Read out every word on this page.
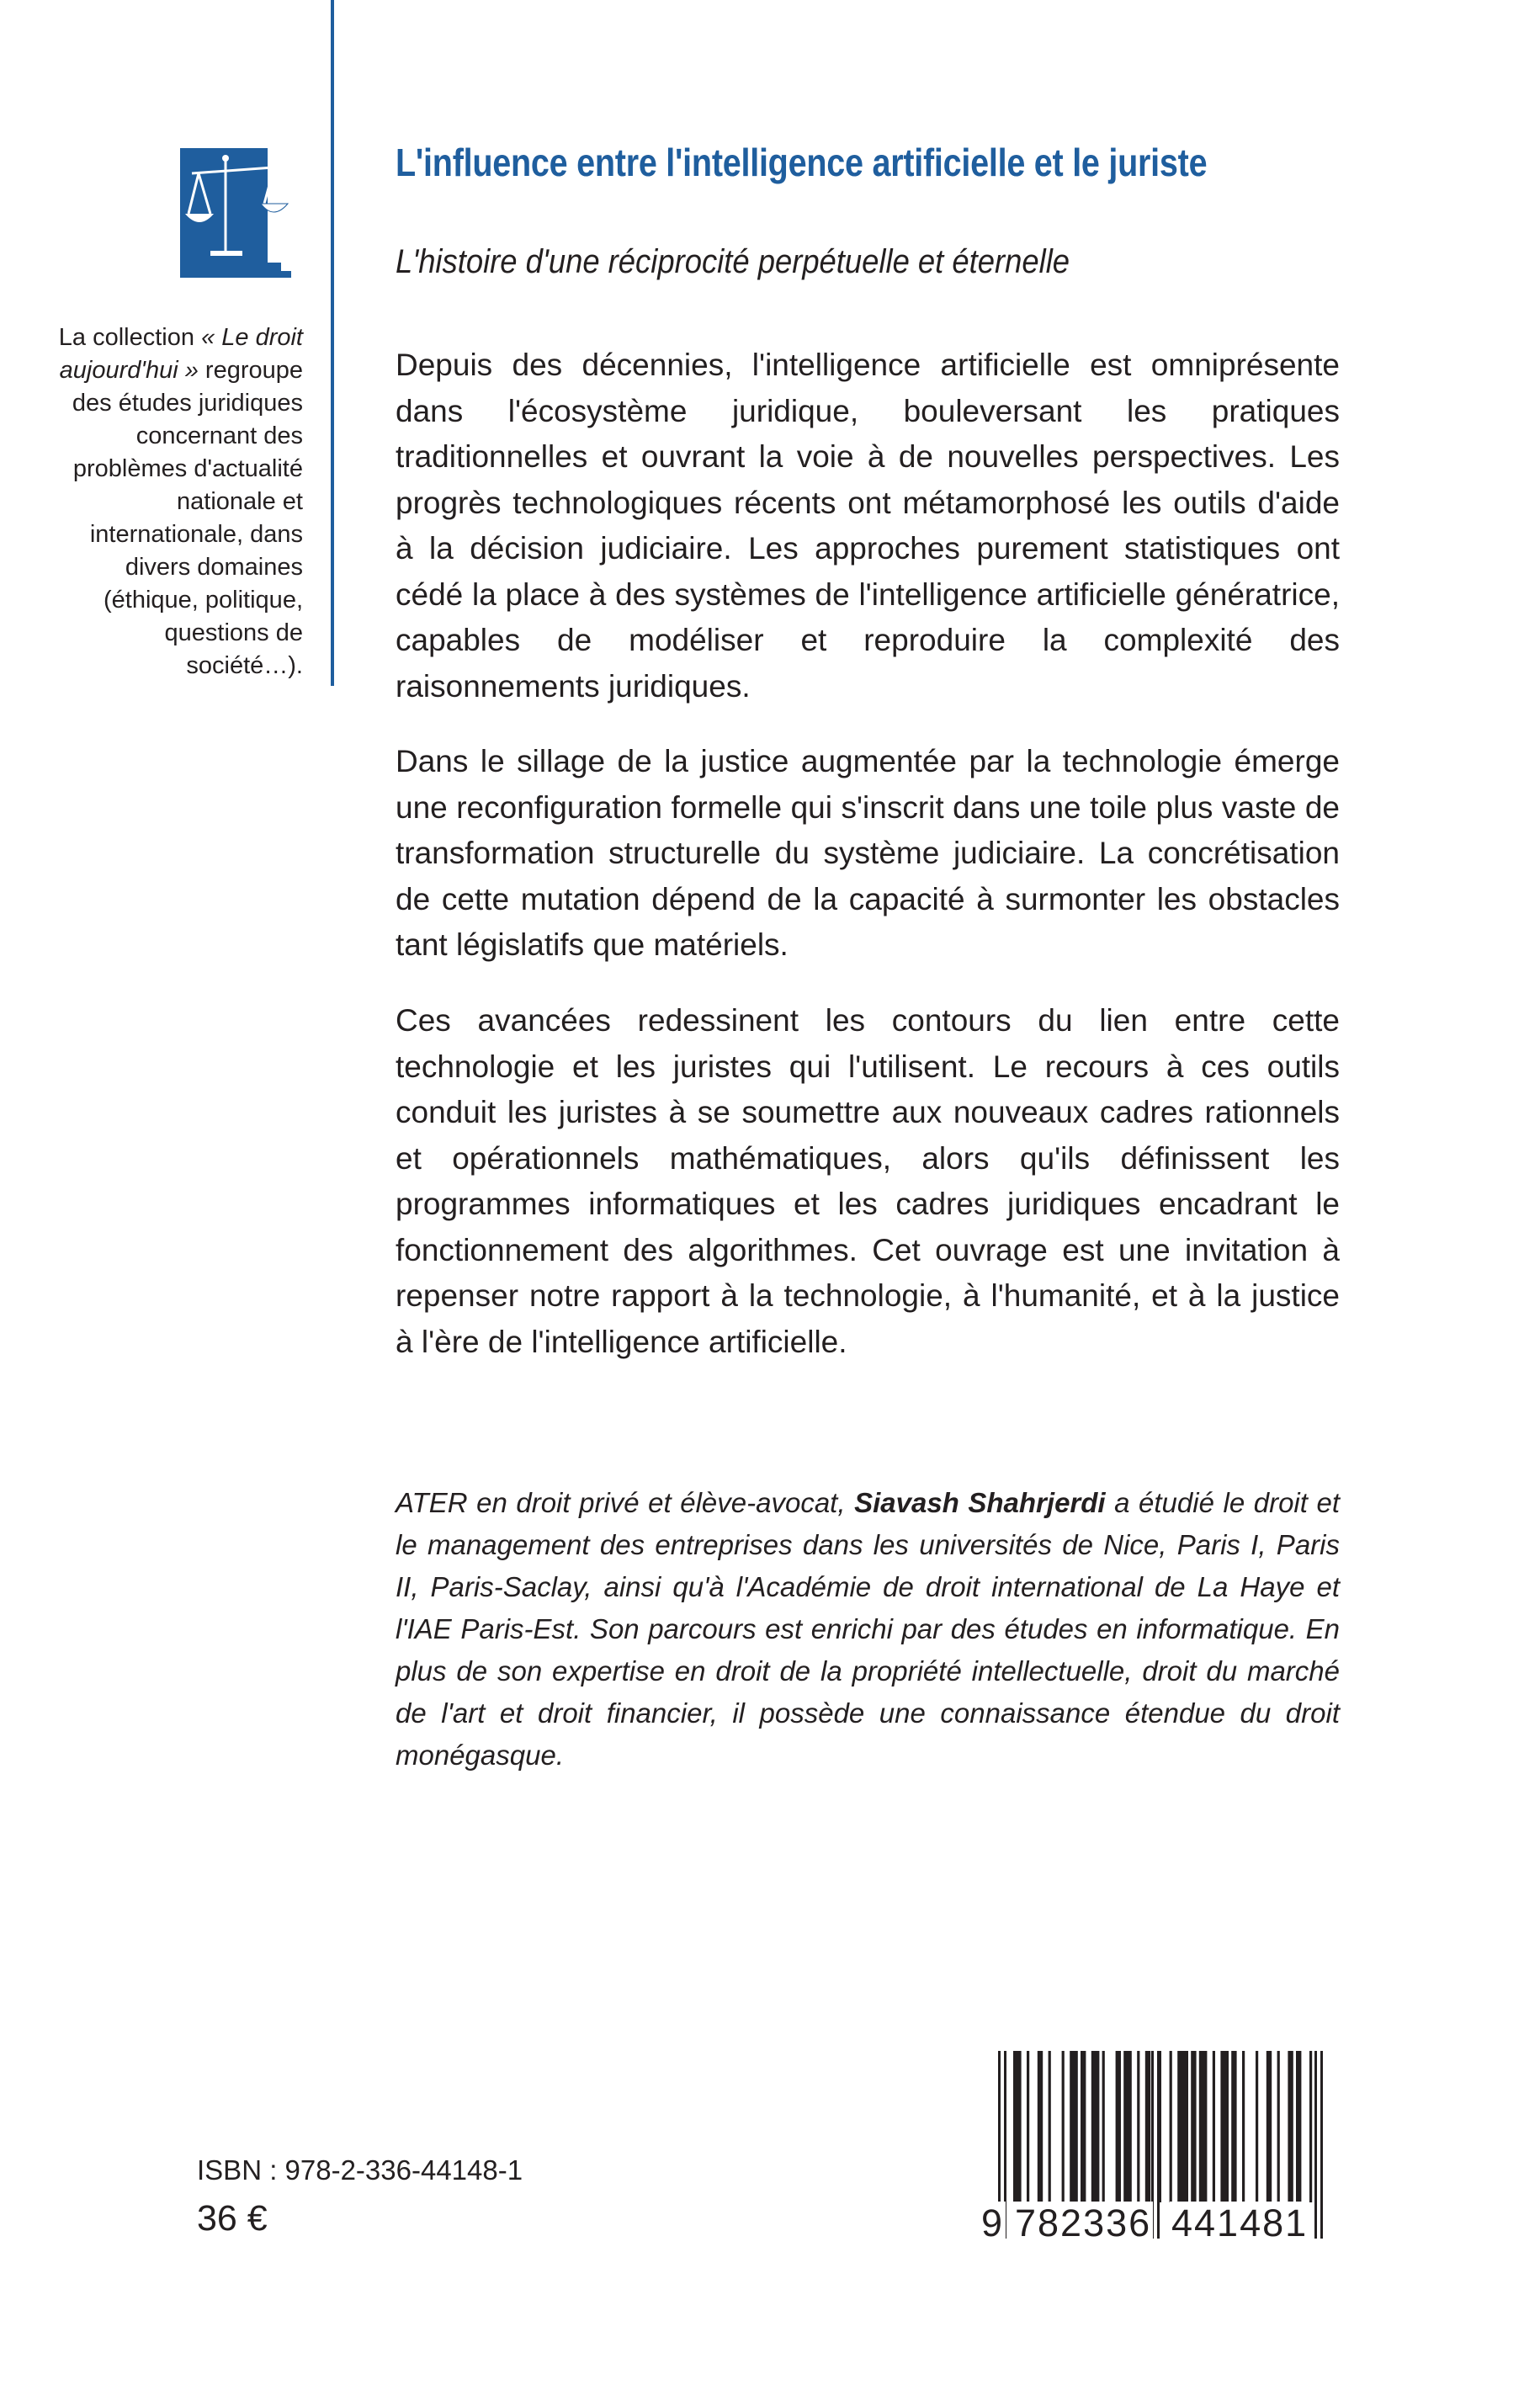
La collection « Le droit aujourd'hui » regroupe des études juridiques concernant des problèmes d'actualité nationale et internationale, dans divers domaines (éthique, politique, questions de société…).
L'influence entre l'intelligence artificielle et le juriste
L'histoire d'une réciprocité perpétuelle et éternelle
Depuis des décennies, l'intelligence artificielle est omniprésente dans l'écosystème juridique, bouleversant les pratiques traditionnelles et ouvrant la voie à de nouvelles perspectives. Les progrès technologiques récents ont métamorphosé les outils d'aide à la décision judiciaire. Les approches purement statistiques ont cédé la place à des systèmes de l'intelligence artificielle génératrice, capables de modéliser et reproduire la complexité des raisonnements juridiques.
Dans le sillage de la justice augmentée par la technologie émerge une reconfiguration formelle qui s'inscrit dans une toile plus vaste de transformation structurelle du système judiciaire. La concrétisation de cette mutation dépend de la capacité à surmonter les obstacles tant législatifs que matériels.
Ces avancées redessinent les contours du lien entre cette technologie et les juristes qui l'utilisent. Le recours à ces outils conduit les juristes à se soumettre aux nouveaux cadres rationnels et opérationnels mathématiques, alors qu'ils définissent les programmes informatiques et les cadres juridiques encadrant le fonctionnement des algorithmes. Cet ouvrage est une invitation à repenser notre rapport à la technologie, à l'humanité, et à la justice à l'ère de l'intelligence artificielle.
ATER en droit privé et élève-avocat, Siavash Shahrjerdi a étudié le droit et le management des entreprises dans les universités de Nice, Paris I, Paris II, Paris-Saclay, ainsi qu'à l'Académie de droit international de La Haye et l'IAE Paris-Est. Son parcours est enrichi par des études en informatique. En plus de son expertise en droit de la propriété intellectuelle, droit du marché de l'art et droit financier, il possède une connaissance étendue du droit monégasque.
ISBN : 978-2-336-44148-1
36 €	9 782336 441481
